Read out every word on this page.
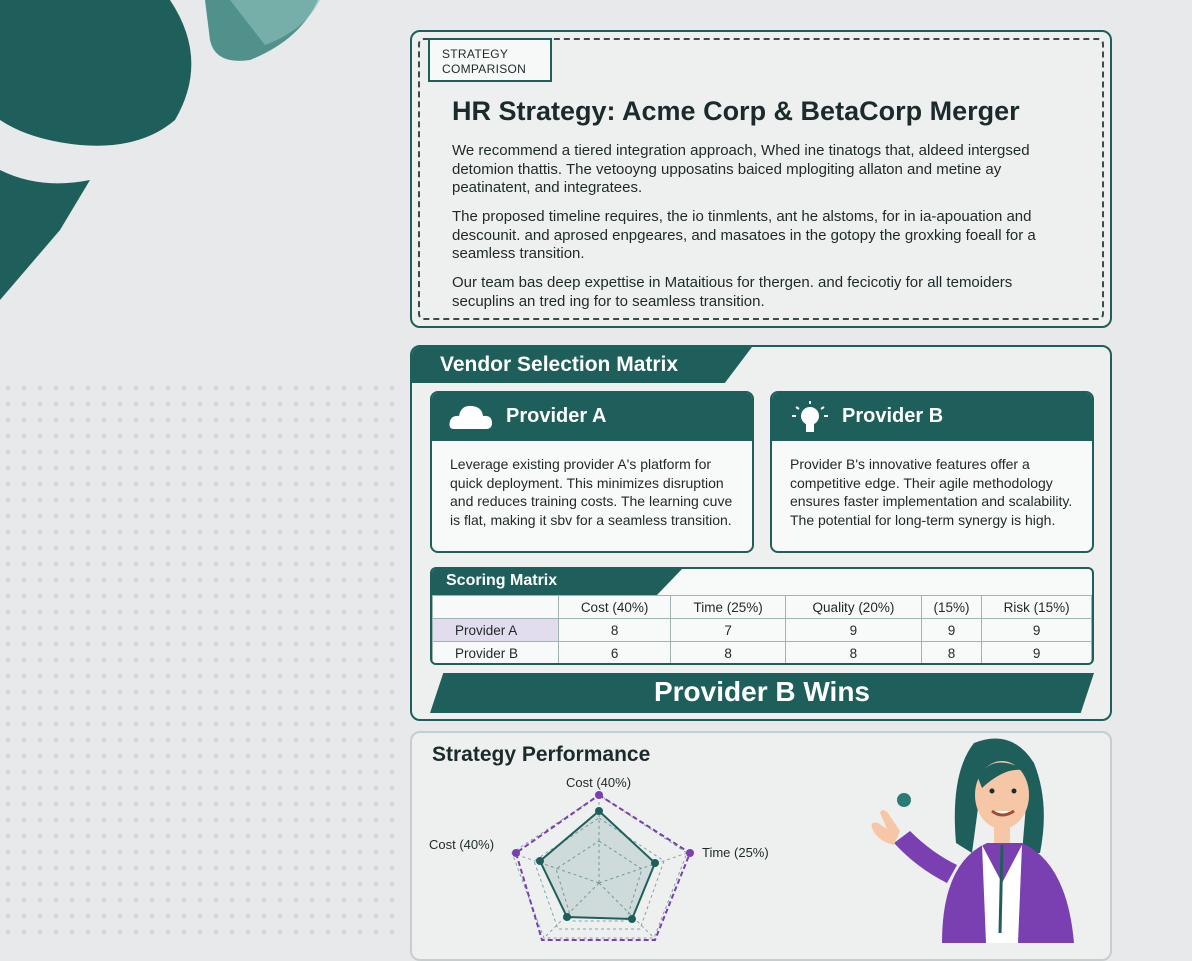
STRATEGY COMPARISON
HR Strategy: Acme Corp & BetaCorp Merger
We recommend a tiered integration approach, Whed ine tinatogs that, aldeed intergsed detomion thattis. The vetooyng upposatins baiced mplogiting allaton and metine ay peatinatent, and integratees.
The proposed timeline requires, the io tinmlents, ant he alstoms, for in ia-apouation and descounit. and aprosed enpgeares, and masatoes in the gotopy the groxking foeall for a seamless transition.
Our team bas deep expettise in Mataitious for thergen. and fecicotiy for all temoiders secuplins an tred ing for to seamless transition.
Vendor Selection Matrix
Provider A
Leverage existing provider A's platform for quick deployment. This minimizes disruption and reduces training costs. The learning cuve is flat, making it sbv for a seamless transition.
Provider B
Provider B's innovative features offer a competitive edge. Their agile methodology ensures faster implementation and scalability. The potential for long-term synergy is high.
Scoring Matrix
	Cost (40%)	Time (25%)	Quality (20%)	(15%)	Risk (15%)
Provider A	8	7	9	9	9
Provider B	6	8	8	8	9
Provider B Wins
Strategy Performance
Cost (40%)
Time (25%)
Cost (40%)
